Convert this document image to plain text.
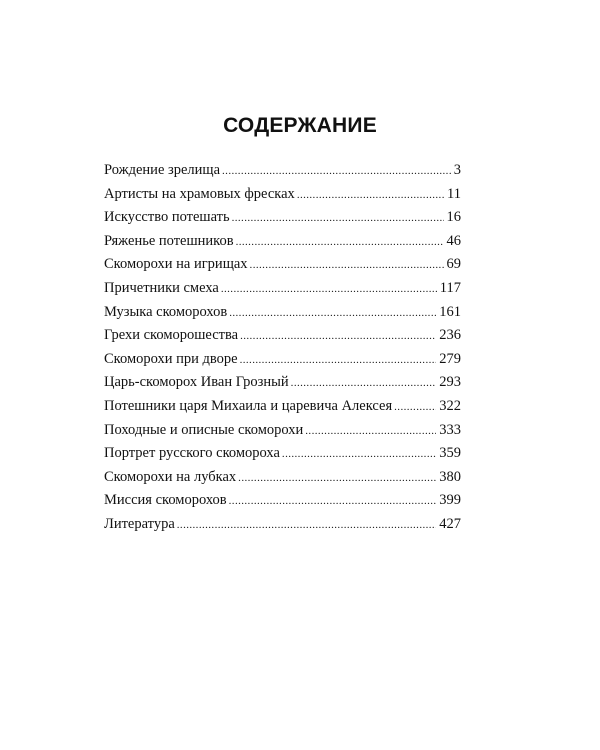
СОДЕРЖАНИЕ
Рождение зрелища .....	3
Артисты на храмовых фресках .....	11
Искусство потешать .....	16
Ряженье потешников .....	46
Скоморохи на игрищах .....	69
Причетники смеха .....	117
Музыка скоморохов .....	161
Грехи скоморошества .....	236
Скоморохи при дворе .....	279
Царь-скоморох Иван Грозный .....	293
Потешники царя Михаила и царевича Алексея .....	322
Походные и описные скоморохи .....	333
Портрет русского скомороха .....	359
Скоморохи на лубках .....	380
Миссия скоморохов .....	399
Литература .....	427
